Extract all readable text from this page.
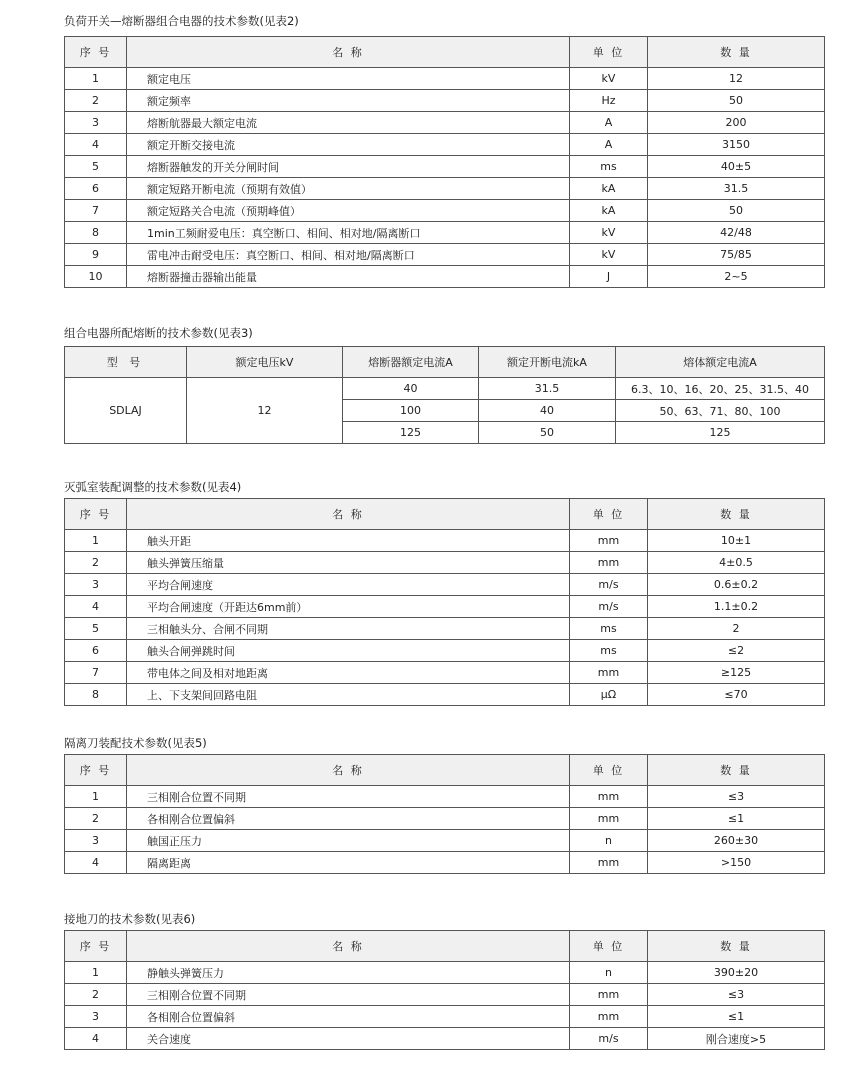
负荷开关—熔断器组合电器的技术参数(见表2)
序 号	名 称	单 位	数 量
1	额定电压	kV	12
2	额定频率	Hz	50
3	熔断航器最大额定电流	A	200
4	额定开断交接电流	A	3150
5	熔断器触发的开关分闸时间	ms	40±5
6	额定短路开断电流（预期有效值）	kA	31.5
7	额定短路关合电流（预期峰值）	kA	50
8	1min工频耐爱电压：真空断口、相间、相对地/隔离断口	kV	42/48
9	雷电冲击耐受电压：真空断口、相间、相对地/隔离断口	kV	75/85
10	熔断器撞击器输出能量	J	2~5
组合电器所配熔断的技术参数(见表3)
型 号	额定电压kV	熔断器额定电流A	额定开断电流kA	熔体额定电流A
SDLAJ	12	40	31.5	6.3、10、16、20、25、31.5、40
		100	40	50、63、71、80、100
		125	50	125
灭弧室装配调整的技术参数(见表4)
序 号	名 称	单 位	数 量
1	触头开距	mm	10±1
2	触头弹簧压缩量	mm	4±0.5
3	平均合闸速度	m/s	0.6±0.2
4	平均合闸速度（开距达6mm前）	m/s	1.1±0.2
5	三相触头分、合闸不同期	ms	2
6	触头合闸弹跳时间	ms	≤2
7	带电体之间及相对地距离	mm	≥125
8	上、下支架间回路电阻	μΩ	≤70
隔离刀装配技术参数(见表5)
序 号	名 称	单 位	数 量
1	三相刚合位置不同期	mm	≤3
2	各相刚合位置偏斜	mm	≤1
3	触国正压力	n	260±30
4	隔离距离	mm	>150
接地刀的技术参数(见表6)
序 号	名 称	单 位	数 量
1	静触头弹簧压力	n	390±20
2	三相刚合位置不同期	mm	≤3
3	各相刚合位置偏斜	mm	≤1
4	关合速度	m/s	刚合速度>5
